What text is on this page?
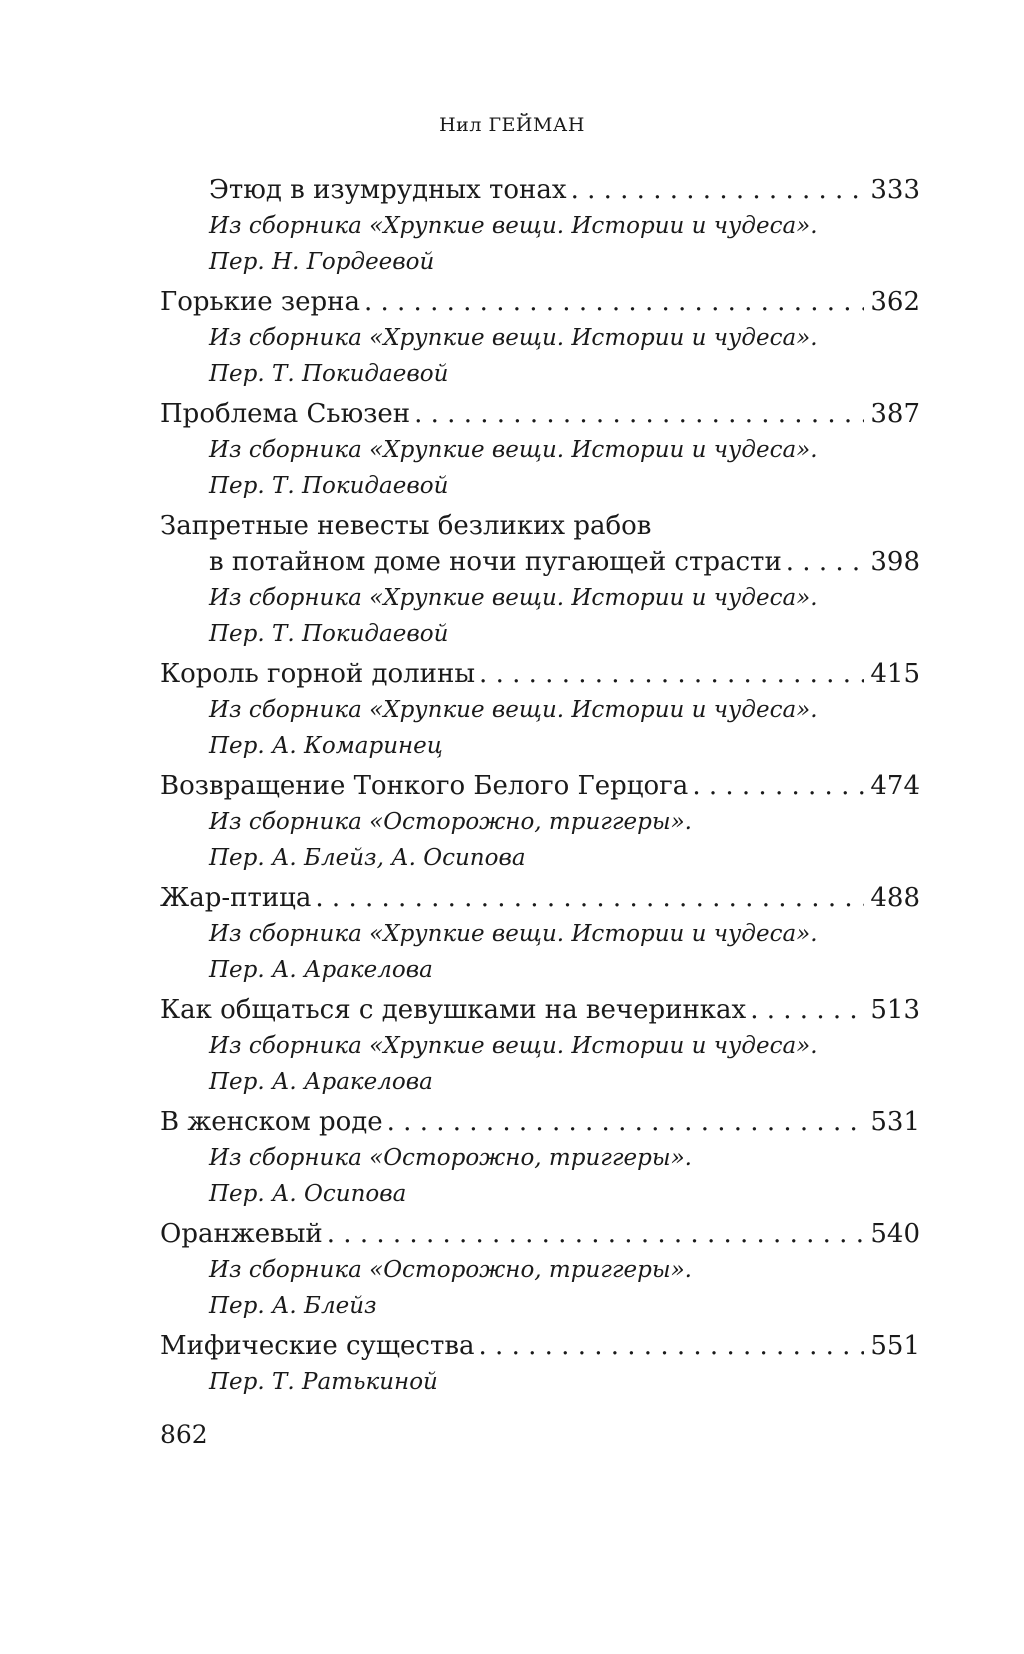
Нил ГЕЙМАН
Этюд в изумрудных тонах . . .	333
Из сборника «Хрупкие вещи. Истории и чудеса».
Пер. Н. Гордеевой
Горькие зерна . . .	362
Из сборника «Хрупкие вещи. Истории и чудеса».
Пер. Т. Покидаевой
Проблема Сьюзен . . .	387
Из сборника «Хрупкие вещи. Истории и чудеса».
Пер. Т. Покидаевой
Запретные невесты безликих рабов
в потайном доме ночи пугающей страсти . . .	398
Из сборника «Хрупкие вещи. Истории и чудеса».
Пер. Т. Покидаевой
Король горной долины . . .	415
Из сборника «Хрупкие вещи. Истории и чудеса».
Пер. А. Комаринец
Возвращение Тонкого Белого Герцога . . .	474
Из сборника «Осторожно, триггеры».
Пер. А. Блейз, А. Осипова
Жар-птица . . .	488
Из сборника «Хрупкие вещи. Истории и чудеса».
Пер. А. Аракелова
Как общаться с девушками на вечеринках . . .	513
Из сборника «Хрупкие вещи. Истории и чудеса».
Пер. А. Аракелова
В женском роде . . .	531
Из сборника «Осторожно, триггеры».
Пер. А. Осипова
Оранжевый . . .	540
Из сборника «Осторожно, триггеры».
Пер. А. Блейз
Мифические существа . . .	551
Пер. Т. Ратькиной
862
